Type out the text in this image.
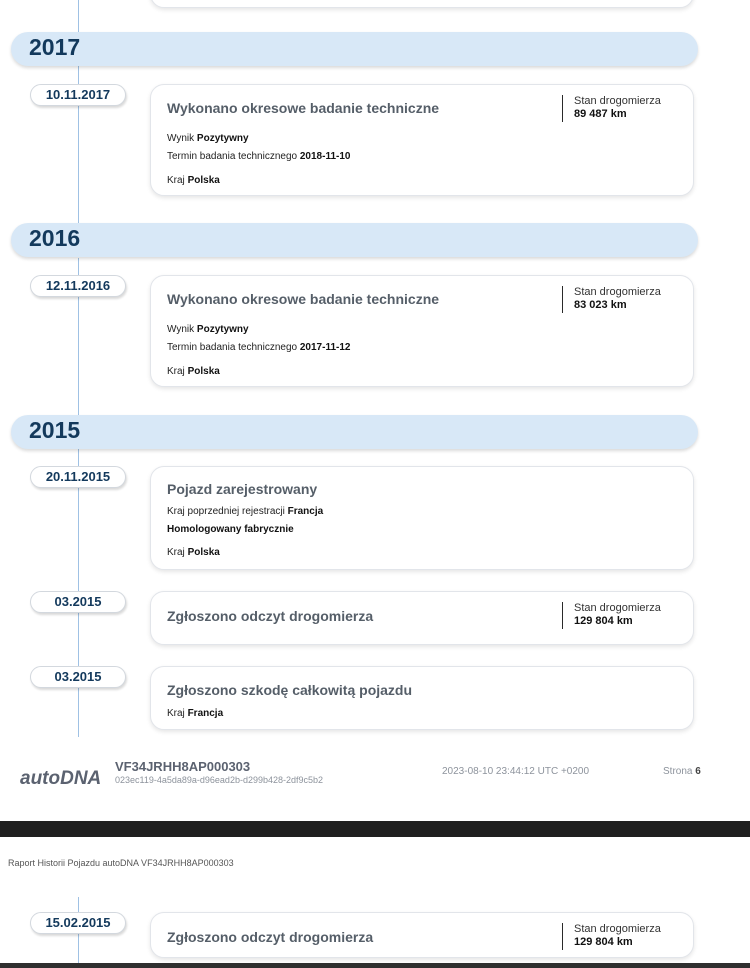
2017
10.11.2017
Wykonano okresowe badanie techniczne
Wynik Pozytywny
Termin badania technicznego 2018-11-10
Kraj Polska
Stan drogomierza
89 487 km
2016
12.11.2016
Wykonano okresowe badanie techniczne
Wynik Pozytywny
Termin badania technicznego 2017-11-12
Kraj Polska
Stan drogomierza
83 023 km
2015
20.11.2015
Pojazd zarejestrowany
Kraj poprzedniej rejestracji Francja
Homologowany fabrycznie
Kraj Polska
03.2015
Zgłoszono odczyt drogomierza	Stan drogomierza
129 804 km
03.2015
Zgłoszono szkodę całkowitą pojazdu
Kraj Francja
autoDNA
VF34JRHH8AP000303
023ec119-4a5da89a-d96ead2b-d299b428-2df9c5b2
2023-08-10 23:44:12 UTC +0200	Strona 6
Raport Historii Pojazdu autoDNA VF34JRHH8AP000303
15.02.2015
Zgłoszono odczyt drogomierza	Stan drogomierza
129 804 km
